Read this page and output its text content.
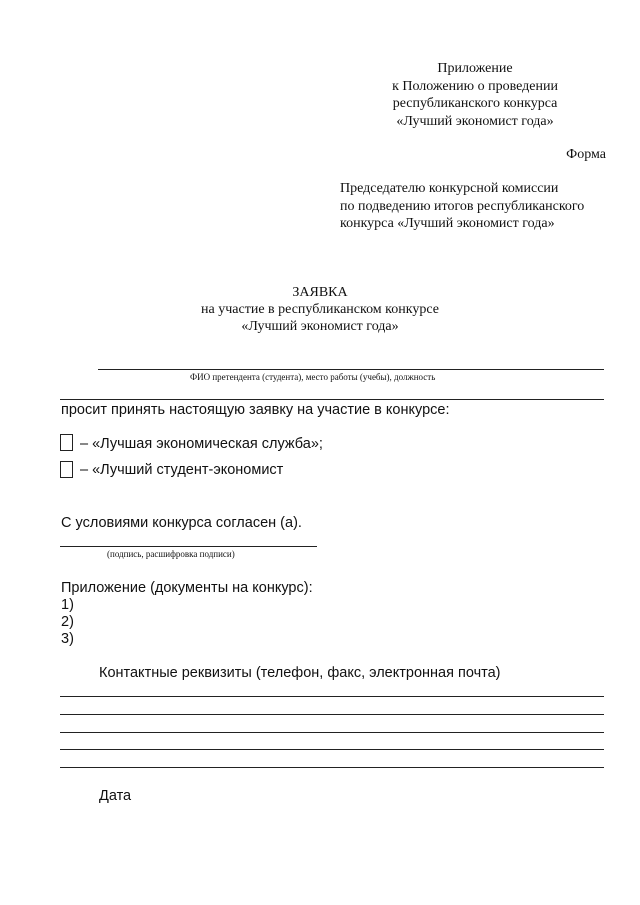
Приложение
к Положению о проведении
республиканского конкурса
«Лучший экономист года»
Форма
Председателю конкурсной комиссии
по подведению итогов республиканского
конкурса «Лучший экономист года»
ЗАЯВКА
на участие в республиканском конкурсе
«Лучший экономист года»
ФИО претендента (студента), место работы (учебы), должность
просит принять настоящую заявку на участие в конкурсе:
– «Лучшая экономическая служба»;
– «Лучший студент-экономист
С условиями конкурса согласен (а).
(подпись, расшифровка подписи)
Приложение (документы на конкурс):
1)
2)
3)
Контактные реквизиты (телефон, факс, электронная почта)
Дата
